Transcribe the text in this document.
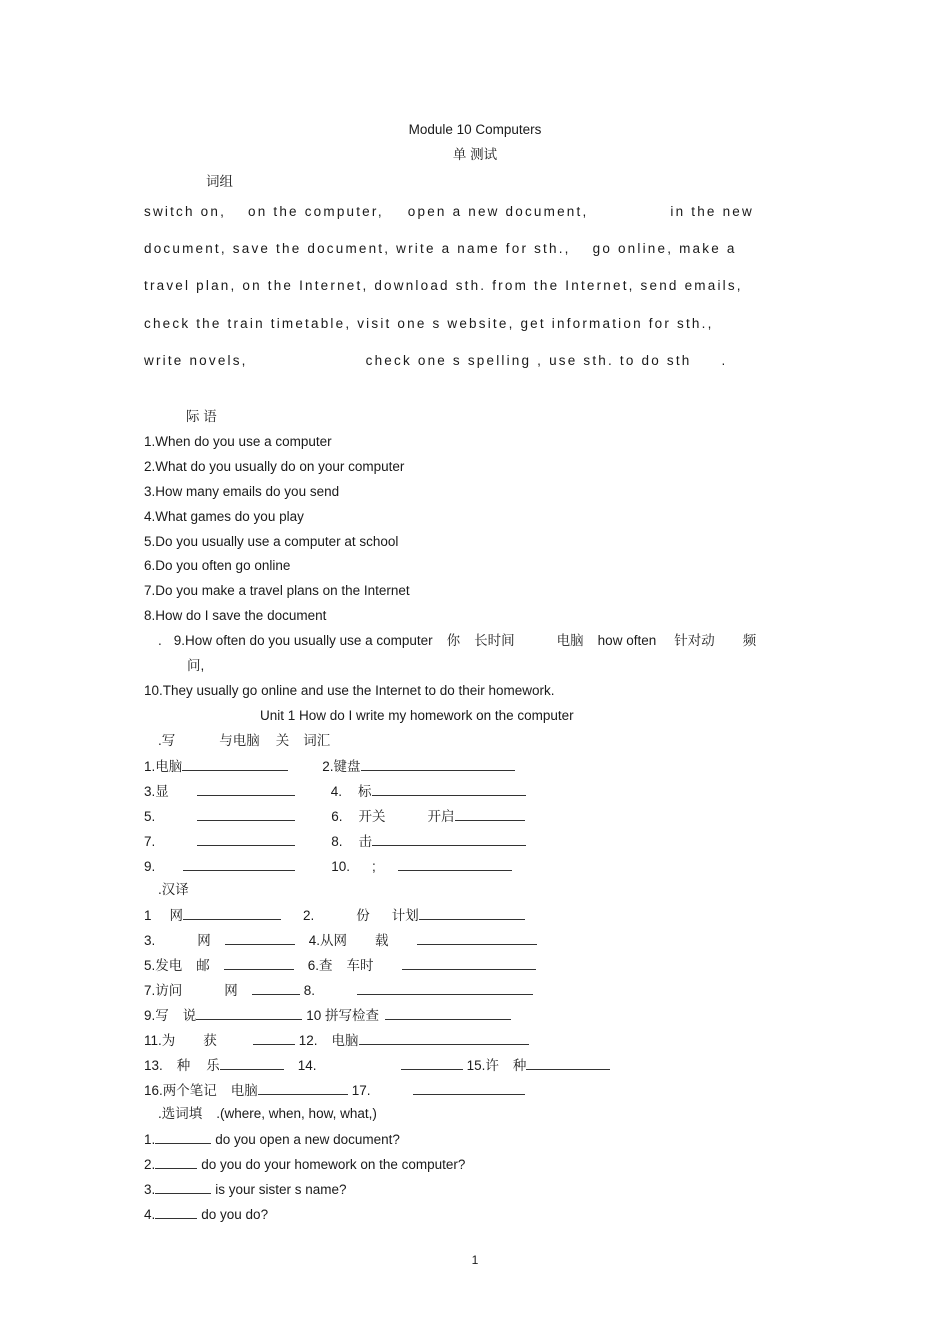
Module 10 Computers
单 测试
词组
switch on, on the computer, open a new document,	in the new
document, save the document, write a name for sth., go online, make a
travel plan, on the Internet, download sth. from the Internet, send emails,
check the train timetable, visit one s website, get information for sth.,
write novels,	check one s spelling , use sth. to do sth .
际 语
1.When do you use a computer
2.What do you usually do on your computer
3.How many emails do you send
4.What games do you play
5.Do you usually use a computer at school
6.Do you often go online
7.Do you make a travel plans on the Internet
8.How do I save the document
. 9.How often do you usually use a computer 你 长时间	电脑 how often 针对动 频
问,
10.They usually go online and use the Internet to do their homework.
Unit 1 How do I write my homework on the computer
.写	与电脑 关 词汇
1.电脑	2.键盘
3.显	4. 标
5.	6. 开关	开启
7.	8. 击
9.	10. ;
.汉译
1 网	2.	份 计划
3.	网	4.从网 载
5.发电 邮	6.查 车时
7.访问	网	8.
9.写 说	10 拼写检查
11.为 获	12. 电脑
13. 种 乐	14.	15.许 种
16.两个笔记 电脑	17.
.选词填 .(where, when, how, what,)
1.	do you open a new document?
2.	do you do your homework on the computer?
3.	is your sister s name?
4.	do you do?
1
